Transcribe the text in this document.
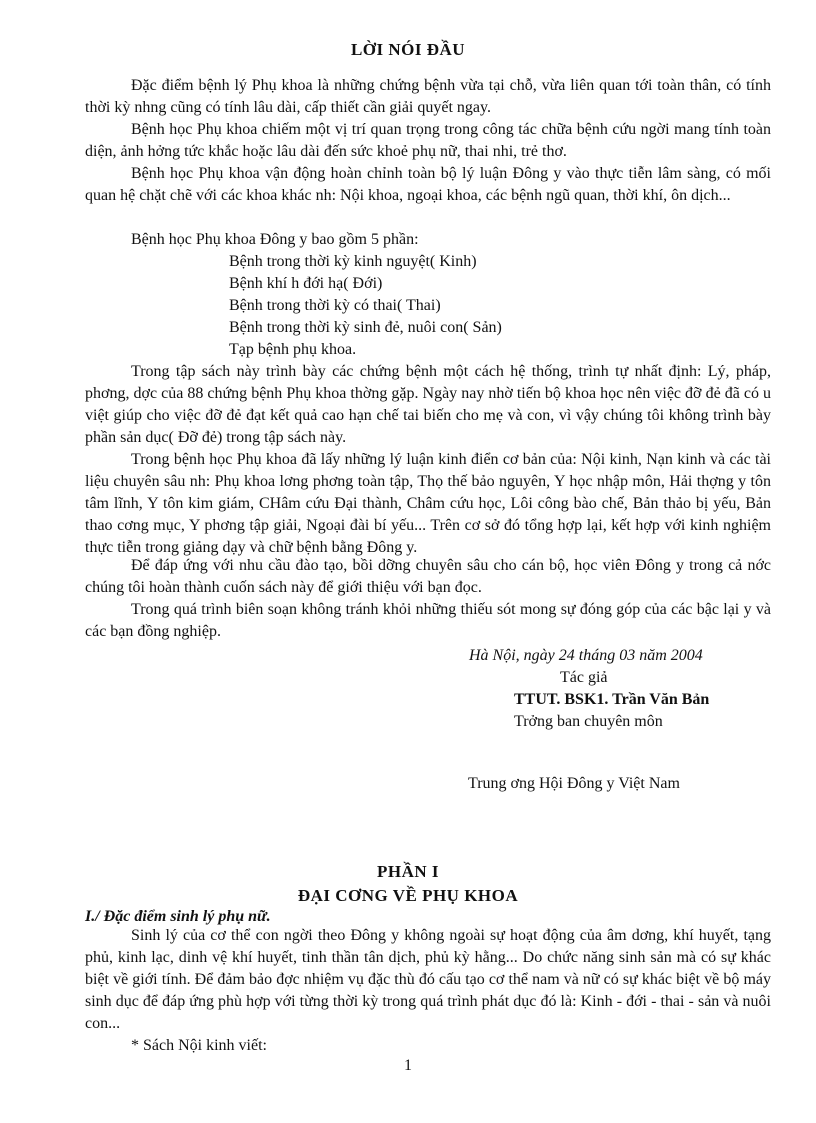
LỜI NÓI ĐẦU

Đặc điểm bệnh lý Phụ khoa là những chứng bệnh vừa tại chỗ, vừa liên quan tới toàn thân, có tính thời kỳ nhng cũng có tính lâu dài, cấp thiết cần giải quyết ngay.

Bệnh học Phụ khoa chiếm một vị trí quan trọng trong công tác chữa bệnh cứu ngời mang tính toàn diện, ảnh hởng tức khắc hoặc lâu dài đến sức khoẻ phụ nữ, thai nhi, trẻ thơ.

Bệnh học Phụ khoa vận động hoàn chỉnh toàn bộ lý luận Đông y vào thực tiễn lâm sàng, có mối quan hệ chặt chẽ với các khoa khác nh: Nội khoa, ngoại khoa, các bệnh ngũ quan, thời khí, ôn dịch...

Bệnh học Phụ khoa Đông y bao gồm 5 phần:

Bệnh trong thời kỳ kinh nguyệt( Kinh)
Bệnh khí h đới hạ( Đới)
Bệnh trong thời kỳ có thai( Thai)
Bệnh trong thời kỳ sinh đẻ, nuôi con( Sản)
Tạp bệnh phụ khoa.

Trong tập sách này trình bày các chứng bệnh một cách hệ thống, trình tự nhất định: Lý, pháp, phơng, dợc của 88 chứng bệnh Phụ khoa thờng gặp. Ngày nay nhờ tiến bộ khoa học nên việc đỡ đẻ đã có u việt giúp cho việc đỡ đẻ đạt kết quả cao hạn chế tai biến cho mẹ và con, vì vậy chúng tôi không trình bày phần sản dục( Đỡ đẻ) trong tập sách này.

Trong bệnh học Phụ khoa đã lấy những lý luận kinh điển cơ bản của: Nội kinh, Nạn kinh và các tài liệu chuyên sâu nh: Phụ khoa lơng phơng toàn tập, Thọ thế bảo nguyên, Y học nhập môn, Hải thợng y tôn tâm lĩnh, Y tôn kim giám, CHâm cứu Đại thành, Châm cứu học, Lôi công bào chế, Bản thảo bị yếu, Bản thao cơng mục, Y phơng tập giải, Ngoại đài bí yếu... Trên cơ sở đó tổng hợp lại, kết hợp với kinh nghiệm thực tiễn trong giảng dạy và chữ bệnh bằng Đông y.

Để đáp ứng với nhu cầu đào tạo, bồi dỡng chuyên sâu cho cán bộ, học viên Đông y trong cả nớc chúng tôi hoàn thành cuốn sách này để giới thiệu với bạn đọc.

Trong quá trình biên soạn không tránh khỏi những thiếu sót mong sự đóng góp của các bậc lại y và các bạn đồng nghiệp.

Hà Nội, ngày 24 tháng 03 năm 2004
Tác giả
TTUT. BSK1. Trần Văn Bản
Trởng ban chuyên môn
Trung ơng Hội Đông y Việt Nam
PHẦN I
ĐẠI CƠNG VỀ PHỤ KHOA
I./ Đặc điểm sinh lý phụ nữ.

Sinh lý của cơ thể con ngời theo Đông y không ngoài sự hoạt động của âm dơng, khí huyết, tạng phủ, kinh lạc, dinh vệ khí huyết, tinh thần tân dịch, phủ kỳ hằng... Do chức năng sinh sản mà có sự khác biệt về giới tính. Để đảm bảo đợc nhiệm vụ đặc thù đó cấu tạo cơ thể nam và nữ có sự khác biệt về bộ máy sinh dục để đáp ứng phù hợp với từng thời kỳ trong quá trình phát dục đó là: Kinh - đới - thai - sản và nuôi con...

* Sách Nội kinh viết:
1
